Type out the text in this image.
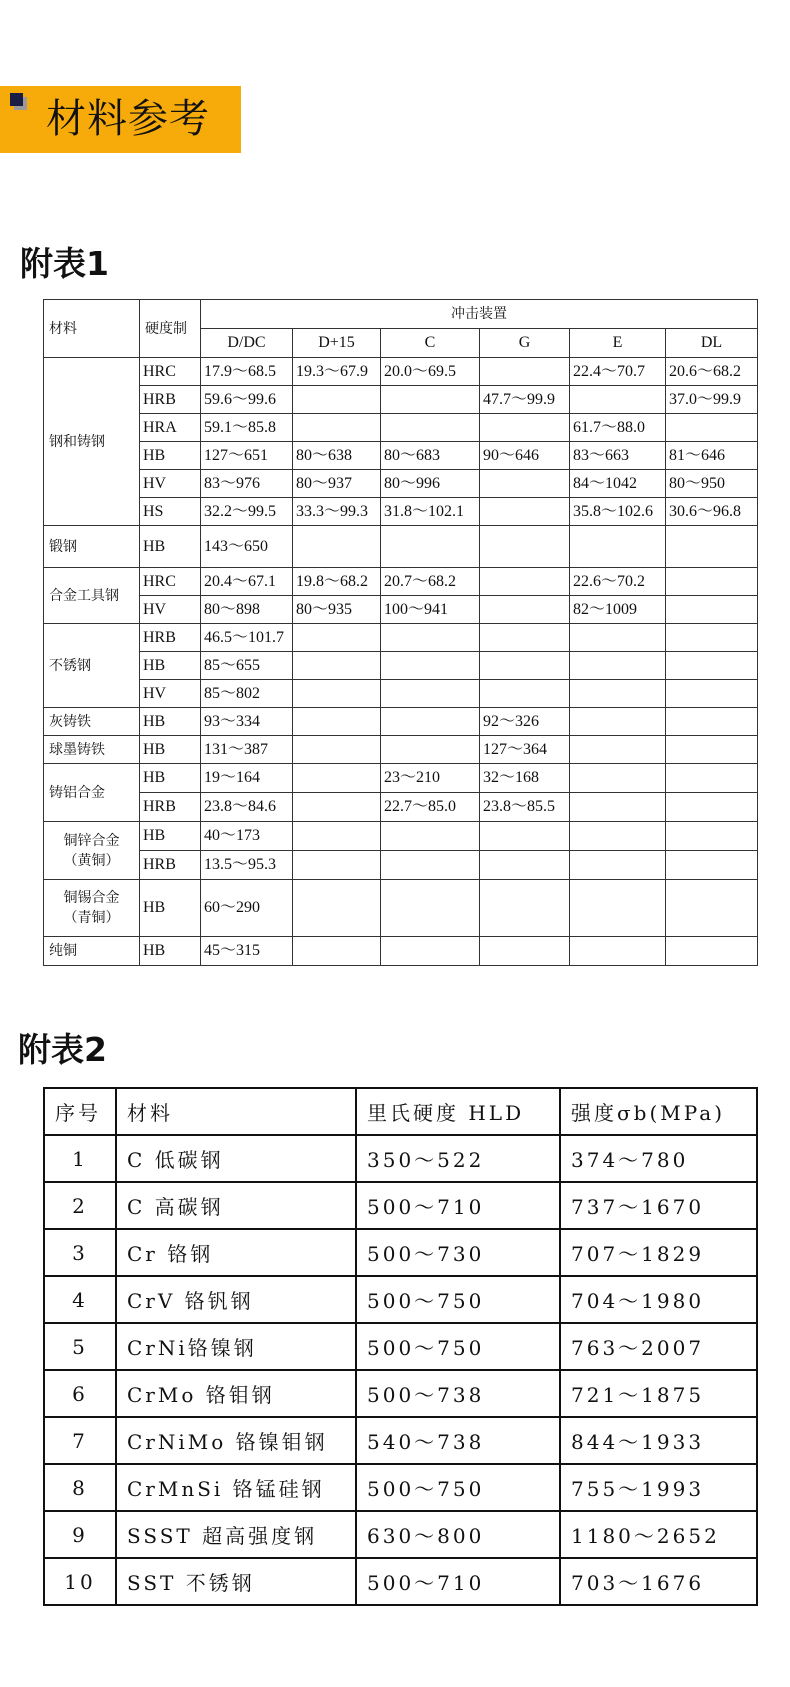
材料参考
附表1
材料	硬度制	冲击装置					
		D/DC	D+15	C	G	E	DL
钢和铸钢	HRC	17.9～68.5	19.3～67.9	20.0～69.5		22.4～70.7	20.6～68.2
	HRB	59.6～99.6			47.7～99.9		37.0～99.9
	HRA	59.1～85.8				61.7～88.0	
	HB	127～651	80～638	80～683	90～646	83～663	81～646
	HV	83～976	80～937	80～996		84～1042	80～950
	HS	32.2～99.5	33.3～99.3	31.8～102.1		35.8～102.6	30.6～96.8
锻钢	HB	143～650					
合金工具钢	HRC	20.4～67.1	19.8～68.2	20.7～68.2		22.6～70.2	
	HV	80～898	80～935	100～941		82～1009	
不锈钢	HRB	46.5～101.7					
	HB	85～655					
	HV	85～802					
灰铸铁	HB	93～334			92～326		
球墨铸铁	HB	131～387			127～364		
铸铝合金	HB	19～164		23～210	32～168		
	HRB	23.8～84.6		22.7～85.0	23.8～85.5		

铜锌合金
（黄铜）	HB	40～173					
	HRB	13.5～95.3					

铜锡合金
（青铜）	HB	60～290					
纯铜	HB	45～315					
附表2
序号	材料	里氏硬度 HLD	强度σb(MPa)
1	C 低碳钢	350～522	374～780
2	C 高碳钢	500～710	737～1670
3	Cr 铬钢	500～730	707～1829
4	CrV 铬钒钢	500～750	704～1980
5	CrNi铬镍钢	500～750	763～2007
6	CrMo 铬钼钢	500～738	721～1875
7	CrNiMo 铬镍钼钢	540～738	844～1933
8	CrMnSi 铬锰硅钢	500～750	755～1993
9	SSST 超高强度钢	630～800	1180～2652
10	SST 不锈钢	500～710	703～1676
